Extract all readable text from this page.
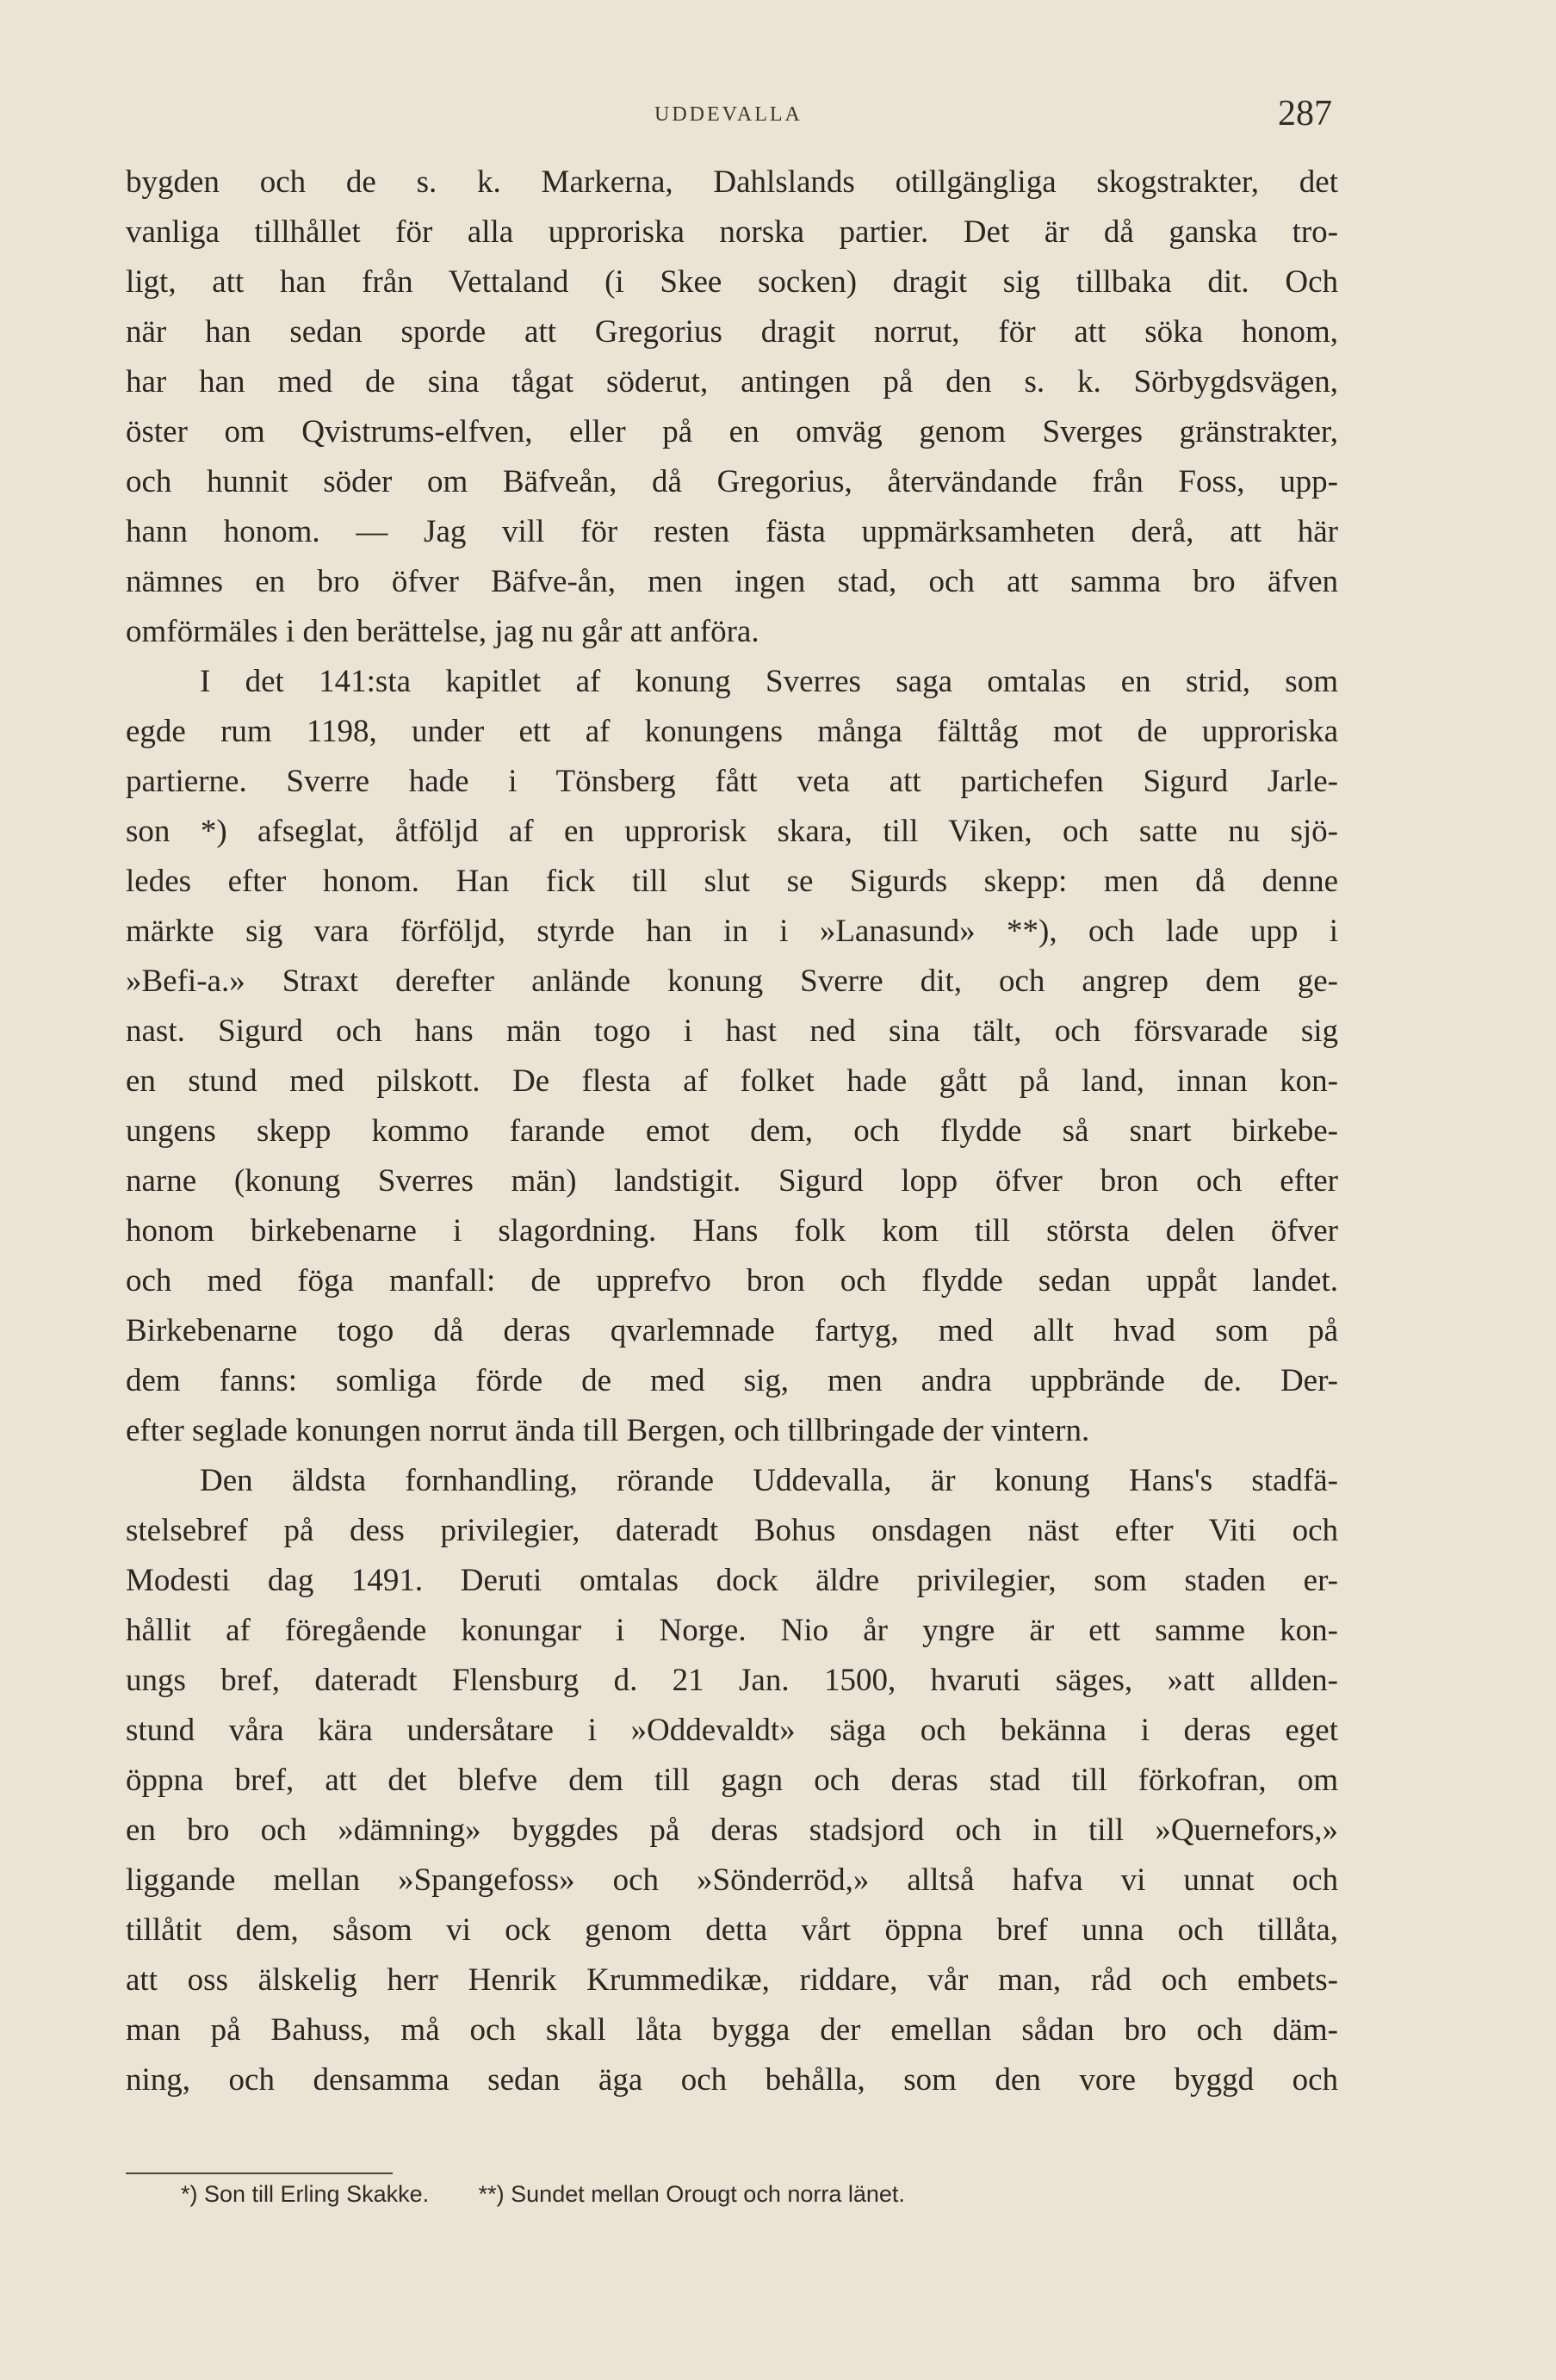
UDDEVALLA	287
bygden och de s. k. Markerna, Dahlslands otillgängliga skogstrakter, det
vanliga tillhållet för alla upproriska norska partier. Det är då ganska tro-
ligt, att han från Vettaland (i Skee socken) dragit sig tillbaka dit. Och
när han sedan sporde att Gregorius dragit norrut, för att söka honom,
har han med de sina tågat söderut, antingen på den s. k. Sörbygdsvägen,
öster om Qvistrums-elfven, eller på en omväg genom Sverges gränstrakter,
och hunnit söder om Bäfveån, då Gregorius, återvändande från Foss, upp-
hann honom. — Jag vill för resten fästa uppmärksamheten derå, att här
nämnes en bro öfver Bäfve-ån, men ingen stad, och att samma bro äfven
omförmäles i den berättelse, jag nu går att anföra.
I det 141:sta kapitlet af konung Sverres saga omtalas en strid, som
egde rum 1198, under ett af konungens många fälttåg mot de upproriska
partierne. Sverre hade i Tönsberg fått veta att partichefen Sigurd Jarle-
son *) afseglat, åtföljd af en upprorisk skara, till Viken, och satte nu sjö-
ledes efter honom. Han fick till slut se Sigurds skepp: men då denne
märkte sig vara förföljd, styrde han in i »Lanasund» **), och lade upp i
»Befi-a.» Straxt derefter anlände konung Sverre dit, och angrep dem ge-
nast. Sigurd och hans män togo i hast ned sina tält, och försvarade sig
en stund med pilskott. De flesta af folket hade gått på land, innan kon-
ungens skepp kommo farande emot dem, och flydde så snart birkebe-
narne (konung Sverres män) landstigit. Sigurd lopp öfver bron och efter
honom birkebenarne i slagordning. Hans folk kom till största delen öfver
och med föga manfall: de upprefvo bron och flydde sedan uppåt landet.
Birkebenarne togo då deras qvarlemnade fartyg, med allt hvad som på
dem fanns: somliga förde de med sig, men andra uppbrände de. Der-
efter seglade konungen norrut ända till Bergen, och tillbringade der vintern.
Den äldsta fornhandling, rörande Uddevalla, är konung Hans's stadfä-
stelsebref på dess privilegier, dateradt Bohus onsdagen näst efter Viti och
Modesti dag 1491. Deruti omtalas dock äldre privilegier, som staden er-
hållit af föregående konungar i Norge. Nio år yngre är ett samme kon-
ungs bref, dateradt Flensburg d. 21 Jan. 1500, hvaruti säges, »att allden-
stund våra kära undersåtare i »Oddevaldt» säga och bekänna i deras eget
öppna bref, att det blefve dem till gagn och deras stad till förkofran, om
en bro och »dämning» byggdes på deras stadsjord och in till »Quernefors,»
liggande mellan »Spangefoss» och »Sönderröd,» alltså hafva vi unnat och
tillåtit dem, såsom vi ock genom detta vårt öppna bref unna och tillåta,
att oss älskelig herr Henrik Krummedikæ, riddare, vår man, råd och embets-
man på Bahuss, må och skall låta bygga der emellan sådan bro och däm-
ning, och densamma sedan äga och behålla, som den vore byggd och
*) Son till Erling Skakke. **) Sundet mellan Orougt och norra länet.
